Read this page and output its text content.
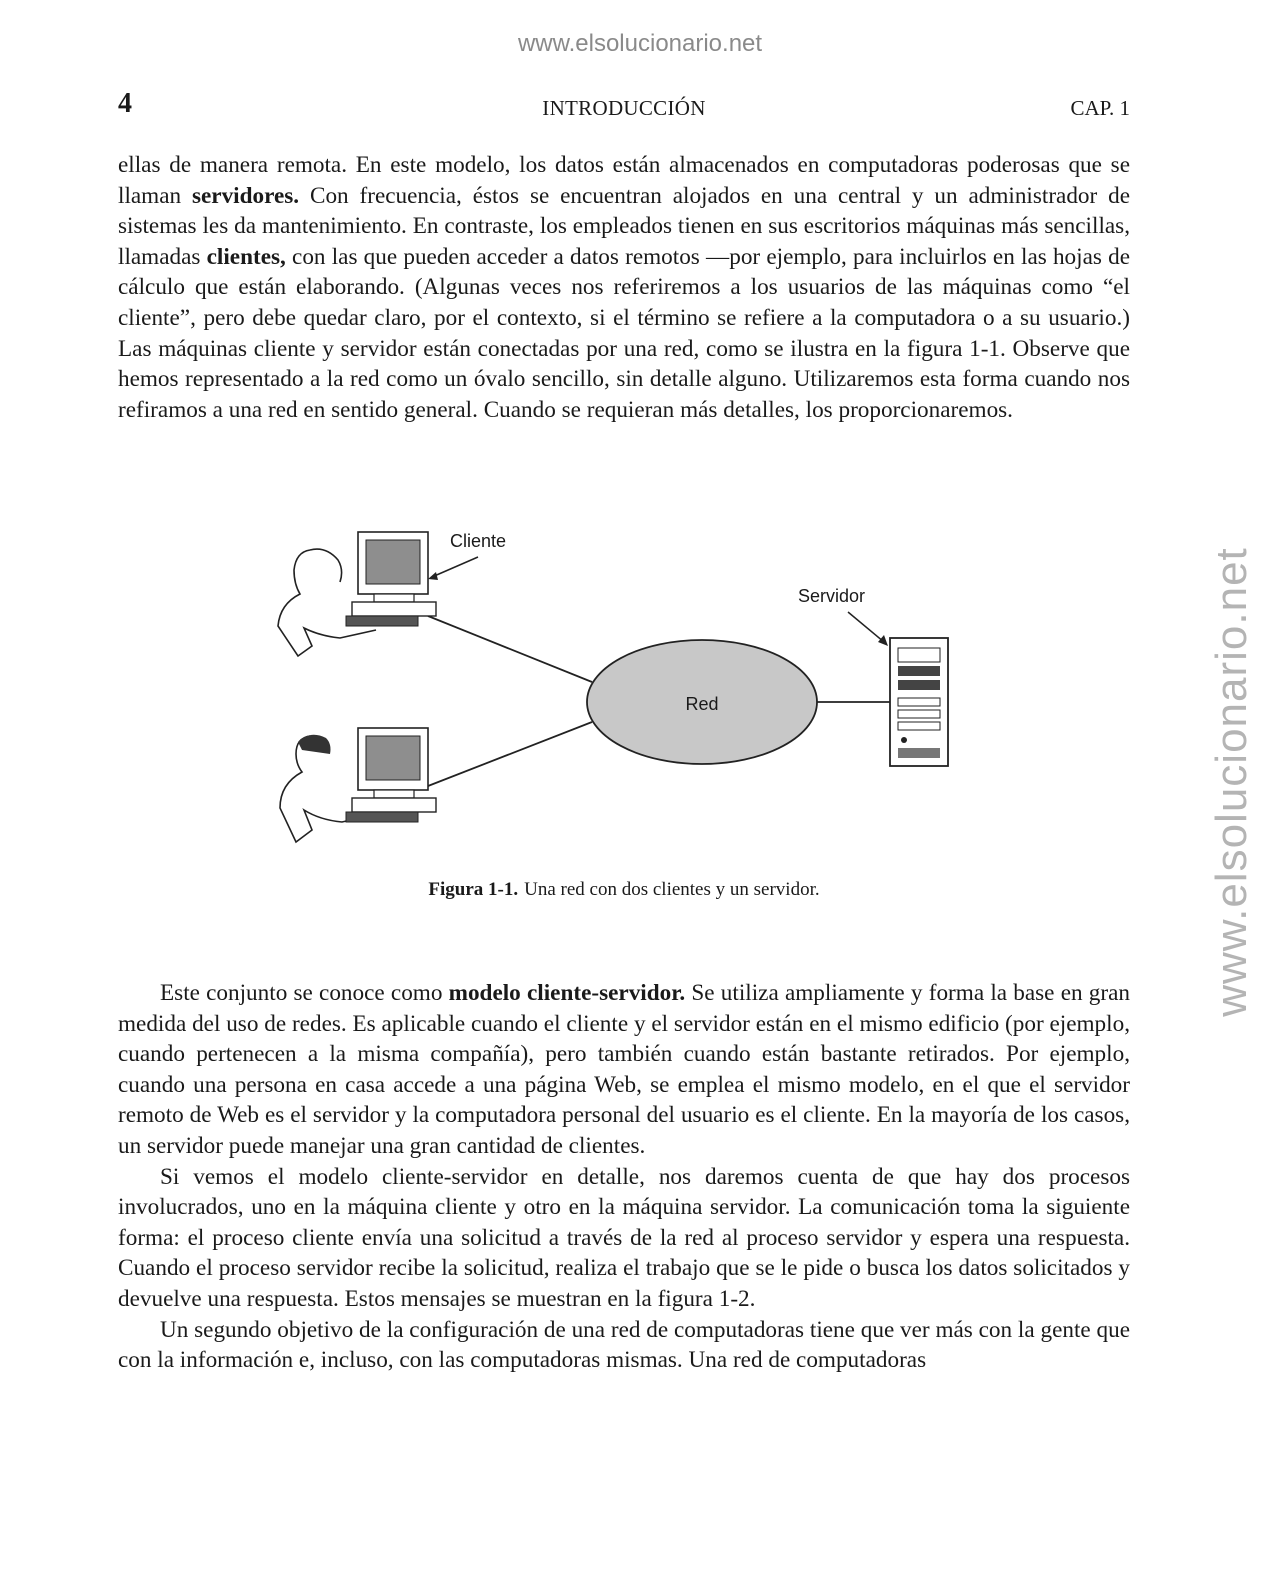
www.elsolucionario.net
www.elsolucionario.net
4	INTRODUCCIÓN	CAP. 1

ellas de manera remota. En este modelo, los datos están almacenados en computadoras poderosas que se llaman servidores. Con frecuencia, éstos se encuentran alojados en una central y un administrador de sistemas les da mantenimiento. En contraste, los empleados tienen en sus escritorios máquinas más sencillas, llamadas clientes, con las que pueden acceder a datos remotos —por ejemplo, para incluirlos en las hojas de cálculo que están elaborando. (Algunas veces nos referiremos a los usuarios de las máquinas como “el cliente”, pero debe quedar claro, por el contexto, si el término se refiere a la computadora o a su usuario.) Las máquinas cliente y servidor están conectadas por una red, como se ilustra en la figura 1-1. Observe que hemos representado a la red como un óvalo sencillo, sin detalle alguno. Utilizaremos esta forma cuando nos refiramos a una red en sentido general. Cuando se requieran más detalles, los proporcionaremos.

Red
Cliente
Servidor
Figura 1-1. Una red con dos clientes y un servidor.

Este conjunto se conoce como modelo cliente-servidor. Se utiliza ampliamente y forma la base en gran medida del uso de redes. Es aplicable cuando el cliente y el servidor están en el mismo edificio (por ejemplo, cuando pertenecen a la misma compañía), pero también cuando están bastante retirados. Por ejemplo, cuando una persona en casa accede a una página Web, se emplea el mismo modelo, en el que el servidor remoto de Web es el servidor y la computadora personal del usuario es el cliente. En la mayoría de los casos, un servidor puede manejar una gran cantidad de clientes.

Si vemos el modelo cliente-servidor en detalle, nos daremos cuenta de que hay dos procesos involucrados, uno en la máquina cliente y otro en la máquina servidor. La comunicación toma la siguiente forma: el proceso cliente envía una solicitud a través de la red al proceso servidor y espera una respuesta. Cuando el proceso servidor recibe la solicitud, realiza el trabajo que se le pide o busca los datos solicitados y devuelve una respuesta. Estos mensajes se muestran en la figura 1-2.

Un segundo objetivo de la configuración de una red de computadoras tiene que ver más con la gente que con la información e, incluso, con las computadoras mismas. Una red de computadoras
